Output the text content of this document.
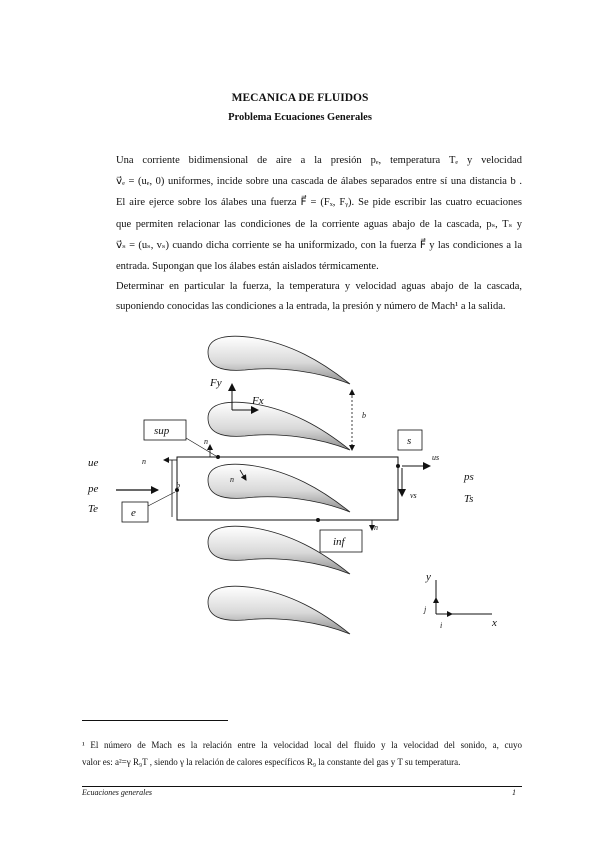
MECANICA DE FLUIDOS
Problema Ecuaciones Generales
Una corriente bidimensional de aire a la presión pₑ, temperatura Tₑ y velocidad
v⃗ₑ = (uₑ, 0) uniformes, incide sobre una cascada de álabes separados entre sí una distancia b .
El aire ejerce sobre los álabes una fuerza F⃗ = (Fₓ, Fᵧ). Se pide escribir las cuatro ecuaciones
que permiten relacionar las condiciones de la corriente aguas abajo de la cascada, pₛ, Tₛ y
v⃗ₛ = (uₛ, vₛ) cuando dicha corriente se ha uniformizado, con la fuerza F⃗ y las condiciones a la
entrada. Supongan que los álabes están aislados térmicamente.
Determinar en particular la fuerza, la temperatura y velocidad aguas abajo de la cascada,
suponiendo conocidas las condiciones a la entrada, la presión y número de Mach¹ a la salida.
Fy
Fx
b
b
sup
s
e
inf
n⃗
n⃗
n⃗
n⃗
ue
pe
Te
us
vs
ps
Ts
y
x
j⃗
i⃗
¹ El número de Mach es la relación entre la velocidad local del fluido y la velocidad del sonido, a, cuyo
valor es: a²=γ R₉T , siendo γ la relación de calores específicos R₉ la constante del gas y T su temperatura.
Ecuaciones generales	1
